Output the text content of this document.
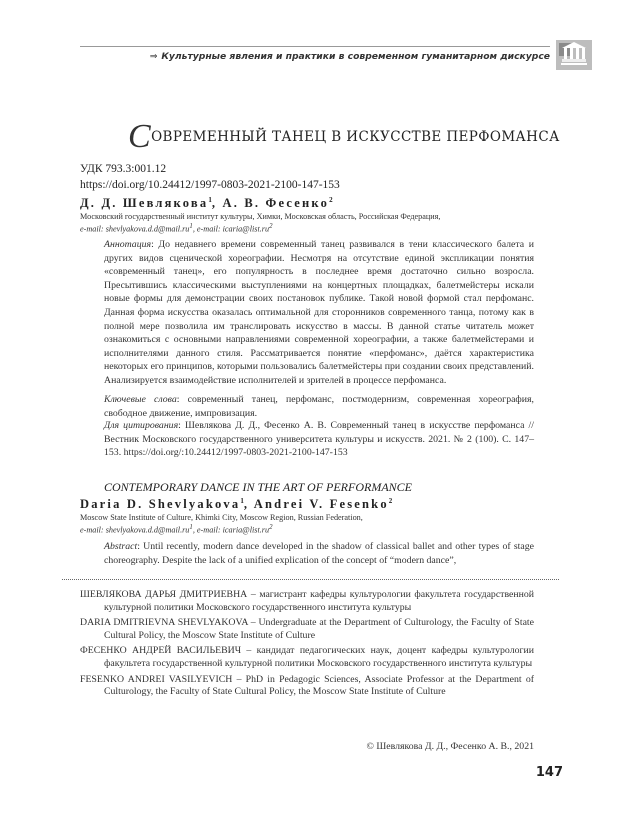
⇒ Культурные явления и практики в современном гуманитарном дискурсе
СОВРЕМЕННЫЙ ТАНЕЦ В ИСКУССТВЕ ПЕРФОМАНСА
УДК 793.3:001.12
https://doi.org/10.24412/1997-0803-2021-2100-147-153
Д. Д. Шевлякова$^1$, А. В. Фесенко$^2$
Московский государственный институт культуры, Химки, Московская область, Российская Федерация,
e-mail: $shevlyakova.d.d@mail.ru^1$, e-mail: $icaria@list.ru^2$

Аннотация: До недавнего времени современный танец развивался в тени классического балета и других видов сценической хореографии. Несмотря на отсутствие единой экспликации понятия «современный танец», его популярность в последнее время достаточно сильно возросла. Пресытившись классическими выступлениями на концертных площадках, балетмейстеры искали новые формы для демонстрации своих постановок публике. Такой новой формой стал перфоманс. Данная форма искусства оказалась оптимальной для сторонников современного танца, потому как в полной мере позволила им транслировать искусство в массы. В данной статье читатель может ознакомиться с основными направлениями современной хореографии, а также балетмейстерами и исполнителями данного стиля. Рассматривается понятие «перфоманс», даётся характеристика некоторых его принципов, которыми пользовались балетмейстеры при создании своих представлений. Анализируется взаимодействие исполнителей и зрителей в процессе перфоманса.

Ключевые слова: современный танец, перфоманс, постмодернизм, современная хореография, свободное движение, импровизация.

Для цитирования: Шевлякова Д. Д., Фесенко А. В. Современный танец в искусстве перфоманса // Вестник Московского государственного университета культуры и искусств. 2021. № 2 (100). С. 147–153. https://doi.org/:10.24412/1997-0803-2021-2100-147-153

CONTEMPORARY DANCE IN THE ART OF PERFORMANCE
Daria D. Shevlyakova$^1$, Andrei V. Fesenko$^2$
Moscow State Institute of Culture, Khimki City, Moscow Region, Russian Federation,
e-mail: $shevlyakova.d.d@mail.ru^1$, e-mail: $icaria@list.ru^2$

Abstract: Until recently, modern dance developed in the shadow of classical ballet and other types of stage choreography. Despite the lack of a unified explication of the concept of “modern dance”,

ШЕВЛЯКОВА ДАРЬЯ ДМИТРИЕВНА – магистрант кафедры культурологии факультета государственной культурной политики Московского государственного института культуры

DARIA DMITRIEVNA SHEVLYAKOVA – Undergraduate at the Department of Culturology, the Faculty of State Cultural Policy, the Moscow State Institute of Culture

ФЕСЕНКО АНДРЕЙ ВАСИЛЬЕВИЧ – кандидат педагогических наук, доцент кафедры культурологии факультета государственной культурной политики Московского государственного института культуры

FESENKO ANDREI VASILYEVICH – PhD in Pedagogic Sciences, Associate Professor at the Department of Culturology, the Faculty of State Cultural Policy, the Moscow State Institute of Culture

© Шевлякова Д. Д., Фесенко А. В., 2021
147
